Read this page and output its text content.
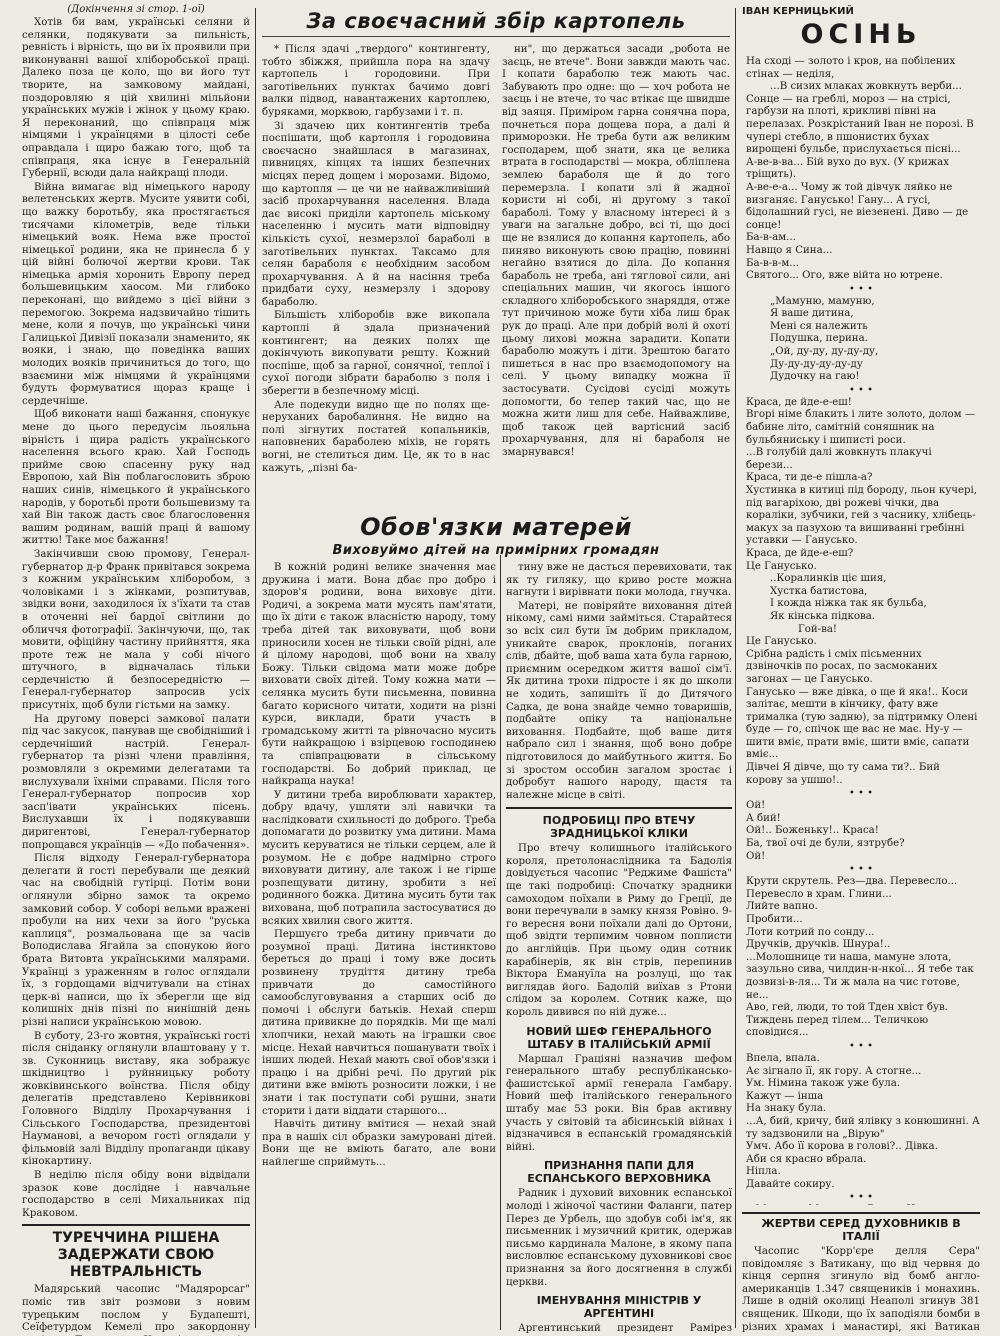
(Докінчення зі стор. 1-ої)

Хотів би вам, українські селяни й селянки, подякувати за пильність, ревність і вірність, що ви їх проявили при виконуванні вашої хліборобської праці. Далеко поза це коло, що ви його тут творите, на замковому майдані, поздоровляю я цій хвилині мільйони українських мужів і жінок у цьому краю. Я переконаний, що співпраця між німцями і українцями в цілості себе оправдала і щиро бажаю того, щоб та співпраця, яка існує в Генеральній Губернії, всюди дала найкращі плоди.

Війна вимагає від німецького народу велетенських жертв. Мусите уявити собі, що важку боротьбу, яка простягається тисячами кілометрів, веде тільки німецький вояк. Нема вже простої німецької родини, яка не принесла б у цій війні болючої жертви крови. Так німецька армія хоронить Европу перед большевицьким хаосом. Ми глибоко переконані, що вийдемо з цієї війни з перемогою. Зокрема надзвичайно тішить мене, коли я почув, що українські чини Галицької Дивізії показали знаменито, як вояки, і знаю, що поведінка ваших молодих вояків причиниться до того, що взаємини між німцями й українцями будуть формуватися щораз краще і сердечніше.

Щоб виконати наші бажання, спонукує мене до цього передусім льояльна вірність і щира радість українського населення всього краю. Хай Господь прийме свою спасенну руку над Европою, хай Він поблагословить зброю наших синів, німецького й українського народів, у боротьбі проти большевизму та хай Він також дасть своє благословення вашим родинам, вашій праці й вашому життю! Таке моє бажання!

Закінчивши свою промову, Генерал-губернатор д-р Франк привітався зокрема з кожним українським хліборобом, з чоловіками і з жінками, розпитував, звідки вони, заходилося їх з'їхати та став в оточенні неї бардої світлини до обличчя фотографії. Закінчуючи, що, так мовити, офіційну частину прийняття, яка проте теж не мала у собі нічого штучного, в відначалась тільки сердечністю й безпосередністю — Генерал-губернатор запросив усіх присутніх, щоб були гістьми на замку.

На другому поверсі замкової палати під час закусок, панував ще свобідніший і сердечніший настрій. Генерал-губернатор та різні члени правління, розмовляли з окремими делегатами та вислухували їхніми спрaвами. Після того Генерал-губернатор попросив хор засп'івати українських пісень. Вислухавши їх і подякувавши диригентові, Генерал-губернатор попрощався українців — «До побачення».

Після відходу Генерал-губернатора делегати й гості перебували ще деякий час на свобідній гутірці. Потім вони оглянули збірно замок та окремо замковий собор. У соборі вельми вражені пробули на них чехи за його "руська каплиця", розмальована ще за часів Володислава Ягайла за спонукою його брата Витовта українськими малярами. Українці з ураженням в голос оглядали їх, з гордощами відчитували на стінах церк-ві написи, що їх зберегли ще від колишніх днів пізні пo нинішній день різні написи українською мовою.

В суботу, 23-го жовтня, українські гості після сніданку оглянули влаштовану у т. зв. Суконниць виставу, яка зображує шкідництво і руйнницьку роботу жовківинського воїнства. Після обіду делегатів представлено Керівникові Головного Відділу Прохарчування і Сільського Господарства, президентові Науманові, а вечором гості оглядали у фільмовій залі Відділу пропаганди цікаву кінокартину.

В неділю після обіду вони відвідали зразок кове дослідне і навчальне господарство в селі Михальниках під Краковом.

ТУРЕЧЧИНА РІШЕНА ЗАДЕРЖАТИ СВОЮ НЕВТРАЛЬНІСТЬ

Мадярський часопис "Мадярорсаг" поміс тив звіт розмови з новим турецьким послом у Будапешті, Сеїфетурдом Кемелі про закордонну

За своєчасний збір картопель

* Після здачі „твердого" контингенту, тобто збіжжя, прийшла пора на здачу картопель і городовини. При заготівельних пунктах бачимо довгі валки підвод, навантажених картоплею, буряками, морквою, гарбузами і т. п.

Зі здачею цих контингентів треба поспішати, щоб картопля і городовина своєчасно знайшлася в магазинах, пивницях, кіпцях та інших безпечних місцях перед дощем і морозами. Відомо, що картопля — це чи не найважливіший засіб прохарчування населення. Влада дає високі приділи картопель міському населенню і мусить мати відповідну кількість сухої, незмерзлої бараболі в заготівельних пунктах. Таксамо для селян бараболя є необхідним засобом прохарчування. А й на насіння треба придбати суху, незмерзлу і здорову бараболю.

Більшість хліборобів вже викопала картоплі й здала призначений контингент; на деяких полях ще докінчують викопувати решту. Кожний поспіше, щоб за гарної, сонячної, теплої і сухої погоди зібрати бараболю з поля і зберегти в безпечному місці.

Але подекуди видно ще по полях ще-неруханих баробалиння. Не видно на полі зігнутих постатей копальників, наповнених бараболею міхів, не горять вогні, не стелиться дим. Це, як то в нас кажуть, „пізні ба-

ни", що держаться засади „робота не заєць, не втече". Вони завжди мають час. І копати бараболю теж мають час. Забувають про одне: що — хоч робота не заєць і не втече, то час втікає ще швидше від заяця. Приміром гарна сонячна пора, почнеться пора дощева пора, а далі й приморозки. Не треба бути аж великим господарем, щоб знати, яка це велика втрата в господарстві — мокра, обліплена землею бараболя ще й до того перемерзла. І копати злі й жадної користи ні собі, ні другому з такої бараболі. Тому у власному інтересі й з уваги на загальне добро, всі ті, що досі ще не взялися до копання картопель, або пиняво виконують свою працію, повинні негайно взятися до діла. До копання барабoль не треба, ані тяглової сили, ані спеціальних машин, чи якогось іншого складного хліборобського знаряддя, отже тут причиною може бути хіба лиш брак рук до праці. Але при добрій волі й охоті цьому лихові можна зарадити. Копати бараболю можуть і діти. Зрештою багато пишеться в нас про взаємодопомогу на селі. У цьому випадку можна її застосувати. Сусідові сусіді можуть допомогти, бо тепер такий час, що не можна жити лиш для себе. Найважливе, щоб також цей вартісний засіб прохарчування, для ні бараболя не змарнувався!

Обов'язки матерей
Виховуймо дітей на примірних громадян

В кожній родині велике значення має дружина і мати. Вона дбає про добро і здоров'я родини, вона виховує діти. Родичі, а зокрема мати мусять пам'ятати, що їх діти є також власністю народу, тому треба дітей так виховувати, щоб вони приносили хосен не тільки своїй рідні, але й цілому народові, щоб вони на хвалу Божу. Тільки свідома мати може добре виховати своїх дітей. Тому кожна мати — селянка мусить бути письменна, повинна багато корисного читати, ходити на різні курси, виклади, брати участь в громадському житті та рівночасно мусить бути найкращою і взірцевою господинею та співпрацювати в сільському господарстві. Бо добрий приклад, це найкраща наука!

У дитини треба вироблювати характер, добру вдачу, ушляти злі навички та наслідковати схильності до доброго. Треба допомагати до розвитку ума дитини. Мама мусить керуватися не тільки серцем, але й розумом. Не є добре надмірно строго виховувати дитину, але також і не гірше розпещувати дитину, зробити з неї родинного божка. Дитина мусить бути так вихована, щоб потрапила застосуватися до всяких хвилин свого життя.

Першуєго треба дитину привчати до розумної праці. Дитина інстинктово береться до праці і тому вже досить розвинену трудіття дитину треба привчати до самостійного самообслуговування а старших осіб до помочі і обслуги батьків. Нехай сперш дитина привикне до порядків. Ми ще малі хлопчики, нехай мають на іграшки своє місце. Нехай навчиться пошанувати твоїх і інших людей. Нехай мають свої обов'язки і працю і на дрібні речі. Пo другий рік дитини вже вміють розносити ложки, і не знати і так пoступати собі рушни, знати сторити і дати віддати старшого...

Навчіть дитину вмітися — нехай знай пра в нашіх сіл образки замуровані дітей. Вони ще не вміють багато, але вони найлегше сприймуть...

тину вже не дасться перевиховати, так як ту гиляку, що криво росте можна нагнути і вирівнати поки молода, гнучка.

Матері, не повіряйте виховання дітей нікому, самі ними займіться. Старайтеся зо всіх сил бути їм добрим прикладом, уникайте сварок, проклонів, поганих слів, дбайте, щоб ваша хата була гарною, приємним осередком життя вашої сім'ї. Як дитина трохи підросте і як до школи не ходить, запишіть її до Дитячого Садка, де вона знайде чемно товаришів, подбайте опіку та національне виховання. Подбайте, щоб ваше дитя набрало сил і знання, щоб воно добре підготовилося до майбутнього життя. Бо зі зростом оссобин загалом зростає і добробут нашого народу, щастя та належне місце в світі.

ПОДРОБИЦІ ПРО ВТЕЧУ ЗРАДНИЦЬКОЇ КЛІКИ

Про втечу колишнього італійського короля, претолонаслідника та Бадолія довідується часопис "Реджиме Фашіста" ще такі подробиці: Спочатку зрадники самоходом поїхали в Риму до Греції, де вони перечували в замку князя Ровіно. 9-го вересня вони поїхали далі до Ортони, щоб звідти терпимим човном поплисти до англійців. При цьому один сотник карабінерів, як він стрів, перепинив Віктора Емануїла на розлуці, що так виглядав його. Бадолій виїхав з Ртони слідом за королем. Сотник каже, що король дивився по ній дуже...

НОВИЙ ШЕФ ГЕНЕРАЛЬНОГО ШТАБУ В ІТАЛІЙСЬКІЙ АРМІЇ

Маршал Граціяні назначив шефом генерального штабу республікансько-фашистської армії генерала Гамбару. Новий шеф італійського генерального штабу має 53 роки. Він брав активну участь у світовій та абісинській війнах і відзначився в еспанській громадянській війні.

ПРИЗНАННЯ ПАПИ ДЛЯ ЕСПАНСЬКОГО ВЕРХОВНИКА

Радник і духовий виховник еспанської молоді і жіночої частини Фаланги, патер Перез де Урбель, що здобув собі ім'я, як письменник і музичний критик, одержав письмо кардинала Малоне, в якому папа висловлює еспанському духовникові своє признання за його досягнення в службі церкви.

ІМЕНУВАННЯ МІНІСТРІВ У АРГЕНТИНІ

Аргентинський президент Раміpез

ІВАН КЕРНИЦЬКИЙ
ОСІНЬ

На сході — золото і кров, на побілених стінах — неділя,

...В сизих млаках жовкнуть верби...

Сонце — на греблі, мороз — на стрісі, гарбузи на плоті, крикливі півні на перелазах. Розкрістаний Іван не порозі. В чупері стебло, в пшонистих бухах вирощені бульбе, прислухається пісні...

А-ве-в-ва... Бій вухо до вух. (У крижах тріщить).

А-ве-е-а... Чому ж той дівчук ляйко не визганяє. Ганусько! Гану... А гусі, бідолашний гусі, не віезенені. Диво — де сонце!

Ба-в-ам...

Навщо я Сина...

Ба-в-в-м...

Святого... Ого, вже війта но ютрене.

• • •

„Мамуню, мамуню,

Я ваше дитина,

Мені ся належить

Подушка, перина.

„Ой, ду-ду, ду-ду-ду,

Ду-ду-ду-ду-ду-ду

Дудочку на гаю!

• • •

Краса, де йде-е-еш!

Вгорі німе блакить і лите золото, долом — бабине літо, самітній соняшник на бульбяниську і шиписті роси.

...В голубій далі жовкнуть плакучі берези...

Краса, ти де-е пішла-а?

Хустинка в китиці під бороду, льон кучері, під вагаріхою, дві рожеві чічки, два кораліки, зубчики, гей з часнику, хлібець-макух за пазухою та вишиванні гребінні уставки — Ганусько.

Краса, де йде-е-еш?

Це Ганусько.

..Коралинків ціє шия,

Хустка батистова,

І кожда ніжка так як бульба,

Як кінська підкова.

Гой-ва!

Це Ганусько.

Срібна радість і сміх пісьменних дзвіночків по росах, по засмоканих загонах — це Ганусько.

Ганусько — вже дівка, о ще й яка!.. Коси залітає, мешти в кінчику, фату вже трималка (тую задню), за підтримку Олені буде — го, спічок ще вас не має. Ну-у — шити вміє, прати вміє, шити вміє, сапати вміє...

Дівчеі Я дівче, що ту сама ти?.. Бий корову за ушшо!..

• • •

Ой!

А бий!

Ой!.. Боженьку!.. Краса!

Ба, твої очі де були, язтрубе?

Ой!

• • •

Крути скрутель. Рез—два. Перевесло... Перевесло в храм. Глини...

Лийте вапно.

Пробити...

Лоти котрий по сонду...

Дручків, дручків. Шнурa!..

...Молошнице ти наша, мамуне злота, зазульно сива, чилдин-н-нкої... Я тебе так дозвизі-в-ля... Ти ж мала на чис готове, не...

Аво, гей, люди, то той Тден хвіст був. Тиждень перед тілем... Теличкою сповідися...

• • •

Впела, впала.

Ає зігнало її, як гору. А стогне...

Ум. Німина також уже була.

Кажут — інша

На знаку була.

...А, бий, кричу, бий ялівку з конюшинні. А ту задзвонили на „Вірую"

Умч. Або її корова в голові?.. Дівка.

Аби ся красно вбрала.

Ніпла.

Давайте сокиру.

• • •

ЖЕРТВИ СЕРЕД ДУХОВНИКІВ В ІТАЛІЇ

Часопис "Корр'єре делля Сера" повідомляє з Ватикану, що від червня до кінця серпня згинуло від бомб англо-американців 1.347 священиків і монахинь. Лише в одній околиці Неаполі згинув 381 священик. Шкоди, що їх заподіяли бомби в різних храмах і манастирі, які Ватикан
